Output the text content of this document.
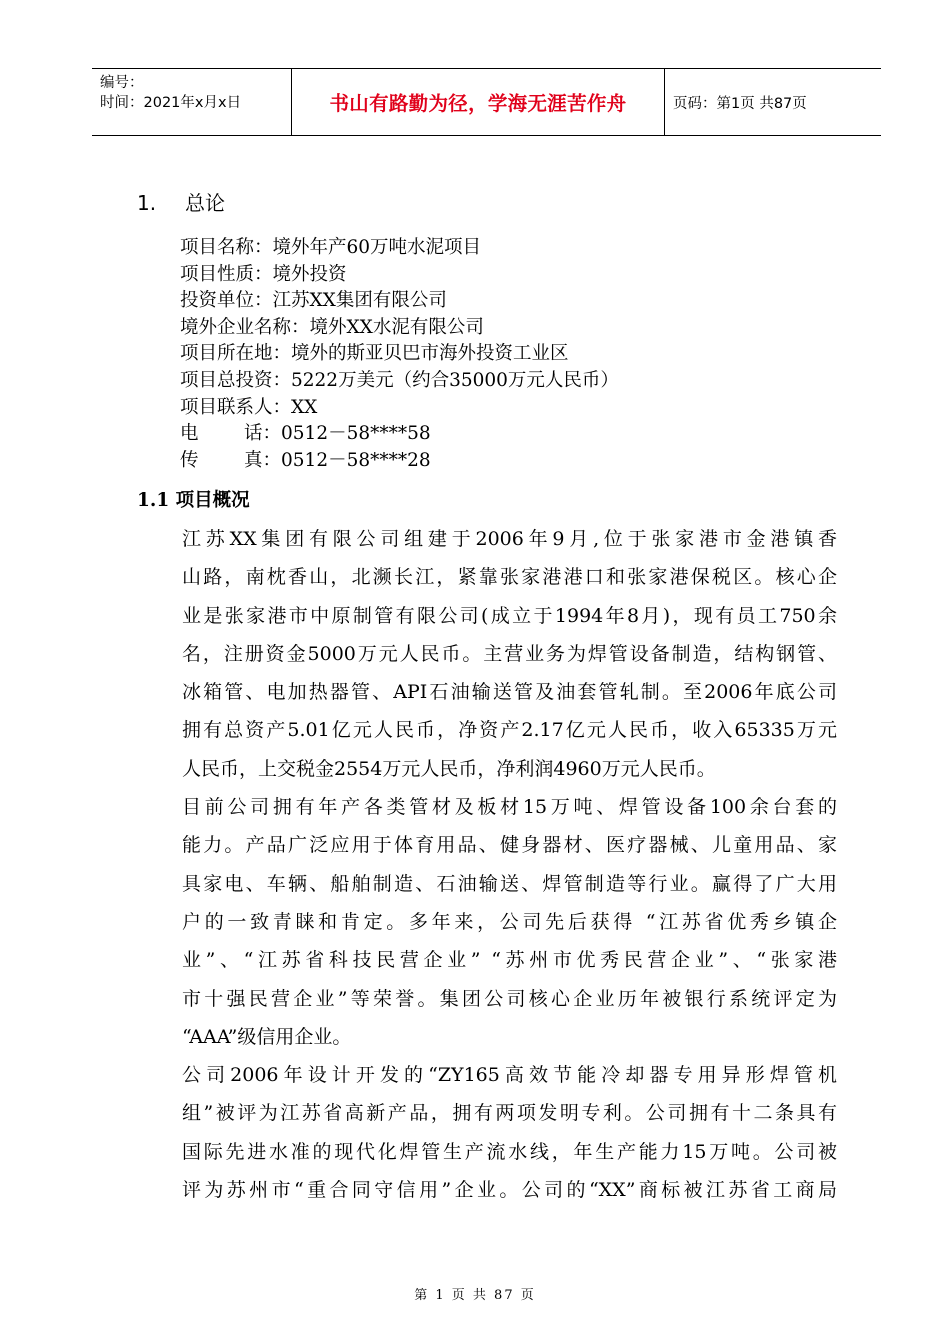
编号：
时间：2021年x月x日	书山有路勤为径，学海无涯苦作舟	页码：第1页 共87页
1. 总论
项目名称：境外年产60万吨水泥项目
项目性质：境外投资
投资单位：江苏XX集团有限公司
境外企业名称：境外XX水泥有限公司
项目所在地：境外的斯亚贝巴市海外投资工业区
项目总投资：5222万美元（约合35000万元人民币）
项目联系人：XX
电 话：0512－58****58
传 真：0512－58****28
1.1 项目概况

江苏XX集团有限公司组建于2006年9月,位于张家港市金港镇香
山路，南枕香山，北濒长江，紧靠张家港港口和张家港保税区。核心企
业是张家港市中原制管有限公司(成立于1994年8月)，现有员工750余
名，注册资金5000万元人民币。主营业务为焊管设备制造，结构钢管、
冰箱管、电加热器管、API石油输送管及油套管轧制。至2006年底公司
拥有总资产5.01亿元人民币，净资产2.17亿元人民币，收入65335万元
人民币，上交税金2554万元人民币，净利润4960万元人民币。

目前公司拥有年产各类管材及板材15万吨、焊管设备100余台套的
能力。产品广泛应用于体育用品、健身器材、医疗器械、儿童用品、家
具家电、车辆、船舶制造、石油输送、焊管制造等行业。赢得了广大用
户的一致青睐和肯定。多年来，公司先后获得 “江苏省优秀乡镇企
业”、“江苏省科技民营企业” “苏州市优秀民营企业”、“张家港
市十强民营企业”等荣誉。集团公司核心企业历年被银行系统评定为
“AAA”级信用企业。

公司2006年设计开发的“ZY165高效节能冷却器专用异形焊管机
组”被评为江苏省高新产品，拥有两项发明专利。公司拥有十二条具有
国际先进水准的现代化焊管生产流水线，年生产能力15万吨。公司被
评为苏州市“重合同守信用”企业。公司的“XX”商标被江苏省工商局

第 1 页 共 87 页
